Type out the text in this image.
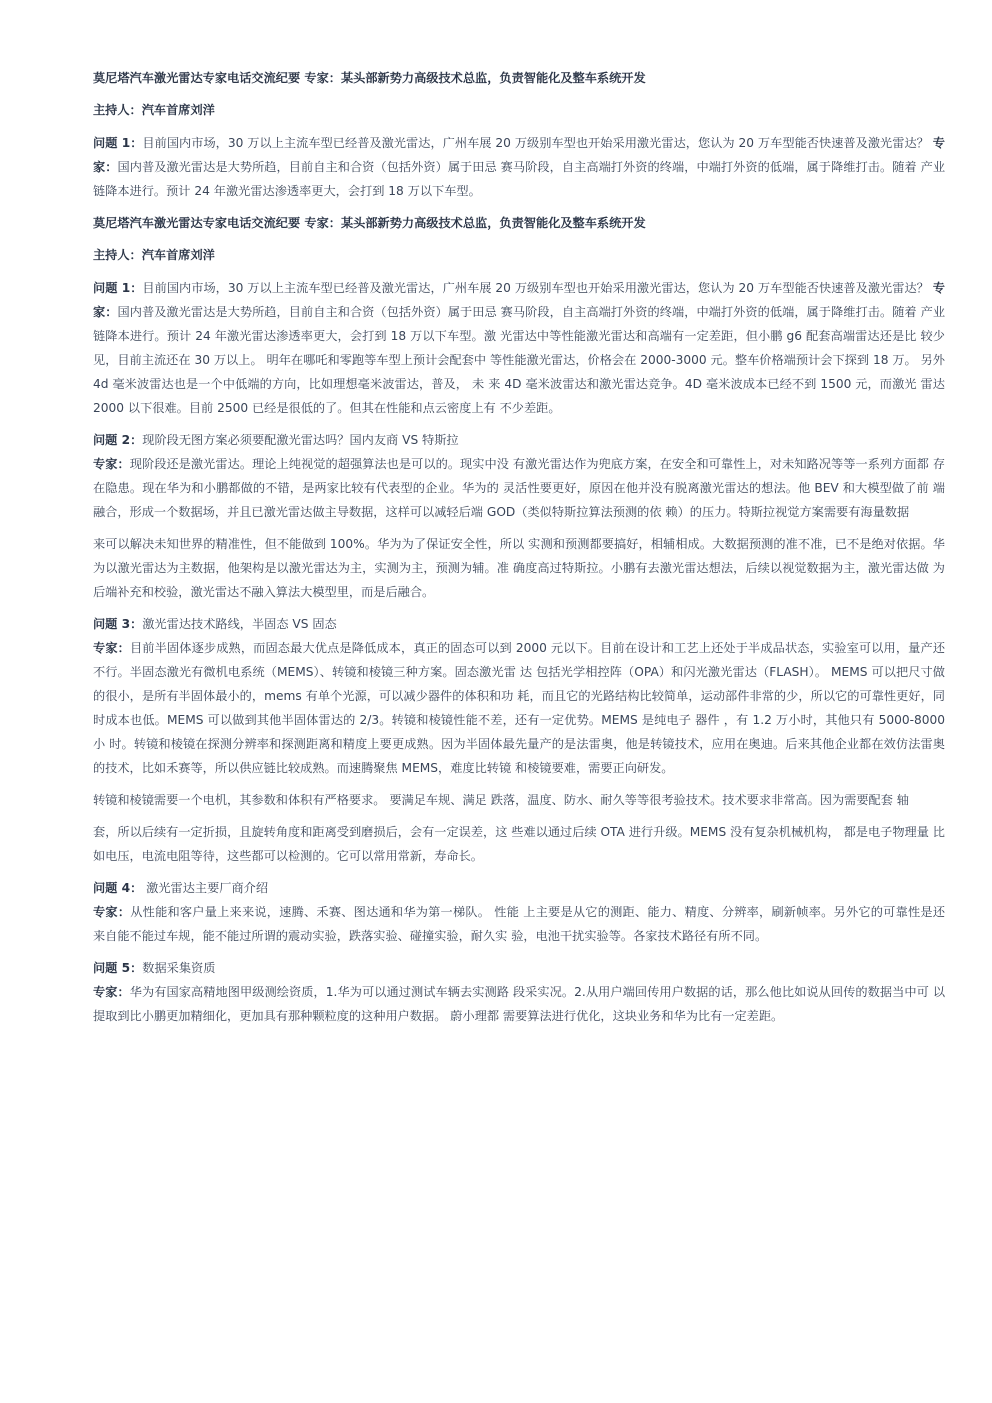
莫尼塔汽车激光雷达专家电话交流纪要 专家：某头部新势力高级技术总监，负责智能化及整车系统开发
主持人：汽车首席刘洋
问题 1：目前国内市场，30 万以上主流车型已经普及激光雷达，广州车展 20 万级别车型也开始采用激光雷达，您认为 20 万车型能否快速普及激光雷达？ 专家：国内普及激光雷达是大势所趋，目前自主和合资（包括外资）属于田忌 赛马阶段，自主高端打外资的终端，中端打外资的低端，属于降维打击。随着 产业链降本进行。预计 24 年激光雷达渗透率更大，会打到 18 万以下车型。
莫尼塔汽车激光雷达专家电话交流纪要 专家：某头部新势力高级技术总监，负责智能化及整车系统开发
主持人：汽车首席刘洋
问题 1：目前国内市场，30 万以上主流车型已经普及激光雷达，广州车展 20 万级别车型也开始采用激光雷达，您认为 20 万车型能否快速普及激光雷达？ 专家：国内普及激光雷达是大势所趋，目前自主和合资（包括外资）属于田忌 赛马阶段，自主高端打外资的终端，中端打外资的低端，属于降维打击。随着 产业链降本进行。预计 24 年激光雷达渗透率更大，会打到 18 万以下车型。激 光雷达中等性能激光雷达和高端有一定差距，但小鹏 g6 配套高端雷达还是比 较少见，目前主流还在 30 万以上。 明年在哪吒和零跑等车型上预计会配套中 等性能激光雷达，价格会在 2000-3000 元。整车价格端预计会下探到 18 万。 另外 4d 毫米波雷达也是一个中低端的方向，比如理想毫米波雷达，普及， 未 来 4D 毫米波雷达和激光雷达竞争。4D 毫米波成本已经不到 1500 元，而激光 雷达 2000 以下很难。目前 2500 已经是很低的了。但其在性能和点云密度上有 不少差距。
问题 2：现阶段无图方案必须要配激光雷达吗？国内友商 VS 特斯拉
专家：现阶段还是激光雷达。理论上纯视觉的超强算法也是可以的。现实中没 有激光雷达作为兜底方案，在安全和可靠性上，对未知路况等等一系列方面都 存在隐患。现在华为和小鹏都做的不错，是两家比较有代表型的企业。华为的 灵活性要更好，原因在他并没有脱离激光雷达的想法。他 BEV 和大模型做了前 端融合，形成一个数据场，并且已激光雷达做主导数据，这样可以减轻后端 GOD（类似特斯拉算法预测的依 赖）的压力。特斯拉视觉方案需要有海量数据
来可以解决未知世界的精准性，但不能做到 100%。华为为了保证安全性，所以 实测和预测都要搞好，相辅相成。大数据预测的准不准，已不是绝对依据。华 为以激光雷达为主数据，他架构是以激光雷达为主，实测为主，预测为辅。准 确度高过特斯拉。小鹏有去激光雷达想法，后续以视觉数据为主，激光雷达做 为后端补充和校验，激光雷达不融入算法大模型里，而是后融合。
问题 3：激光雷达技术路线，半固态 VS 固态
专家：目前半固体逐步成熟，而固态最大优点是降低成本，真正的固态可以到 2000 元以下。目前在设计和工艺上还处于半成品状态，实验室可以用，量产还 不行。半固态激光有微机电系统（MEMS）、转镜和棱镜三种方案。固态激光雷 达 包括光学相控阵（OPA）和闪光激光雷达（FLASH）。 MEMS 可以把尺寸做 的很小，是所有半固体最小的，mems 有单个光源，可以减少器件的体积和功 耗，而且它的光路结构比较简单，运动部件非常的少，所以它的可靠性更好，同时成本也低。MEMS 可以做到其他半固体雷达的 2/3。转镜和棱镜性能不差，还有一定优势。MEMS 是纯电子 器件 ，有 1.2 万小时，其他只有 5000-8000 小 时。转镜和棱镜在探测分辨率和探测距离和精度上要更成熟。因为半固体最先量产的是法雷奥，他是转镜技术，应用在奥迪。后来其他企业都在效仿法雷奥 的技术，比如禾赛等，所以供应链比较成熟。而速腾聚焦 MEMS，难度比转镜 和棱镜要难，需要正向研发。
转镜和棱镜需要一个电机，其参数和体积有严格要求。 要满足车规、满足 跌落，温度、防水、耐久等等很考验技术。技术要求非常高。因为需要配套 轴
套，所以后续有一定折损，且旋转角度和距离受到磨损后，会有一定误差，这 些难以通过后续 OTA 进行升级。MEMS 没有复杂机械机构， 都是电子物理量 比如电压，电流电阻等待，这些都可以检测的。它可以常用常新，寿命长。
问题 4： 激光雷达主要厂商介绍
专家：从性能和客户量上来来说，速腾、禾赛、图达通和华为第一梯队。 性能 上主要是从它的测距、能力、精度、分辨率，刷新帧率。另外它的可靠性是还 来自能不能过车规，能不能过所谓的震动实验，跌落实验、碰撞实验，耐久实 验，电池干扰实验等。各家技术路径有所不同。
问题 5：数据采集资质
专家：华为有国家高精地图甲级测绘资质，1.华为可以通过测试车辆去实测路 段采实况。2.从用户端回传用户数据的话，那么他比如说从回传的数据当中可 以提取到比小鹏更加精细化，更加具有那种颗粒度的这种用户数据。 蔚小理都 需要算法进行优化，这块业务和华为比有一定差距。
